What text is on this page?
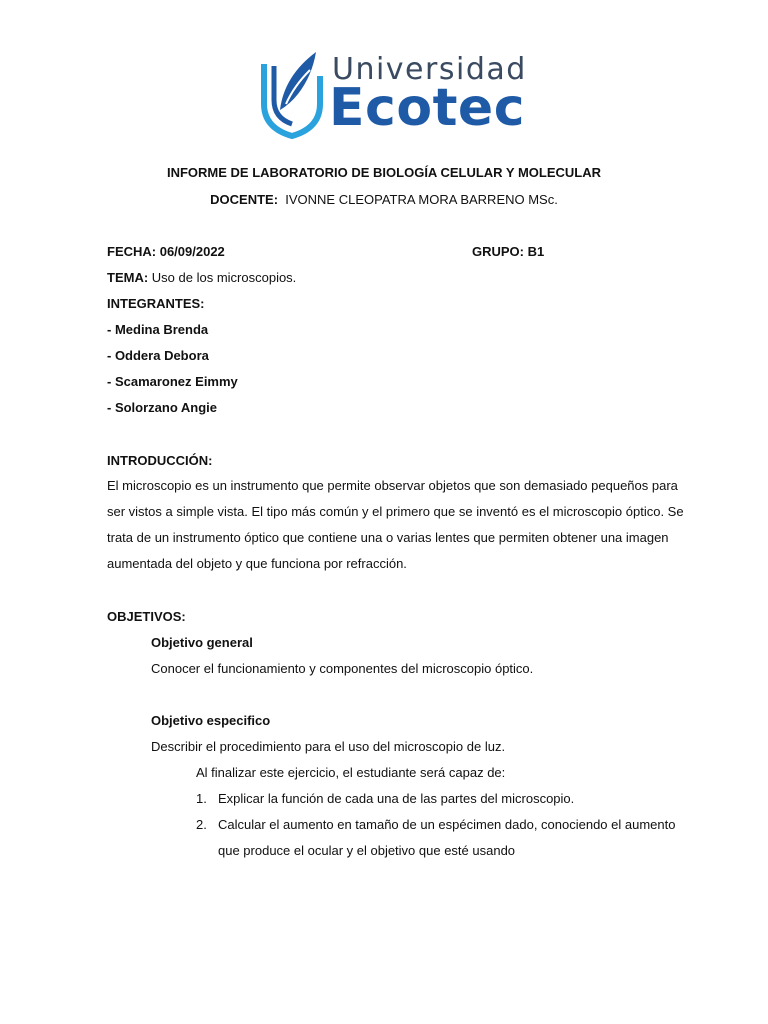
Universidad
Ecotec
INFORME DE LABORATORIO DE BIOLOGÍA CELULAR Y MOLECULAR
DOCENTE: IVONNE CLEOPATRA MORA BARRENO MSc.
FECHA: 06/09/2022	GRUPO: B1
TEMA: Uso de los microscopios.
INTEGRANTES:
- Medina Brenda
- Oddera Debora
- Scamaronez Eimmy
- Solorzano Angie
INTRODUCCIÓN:
El microscopio es un instrumento que permite observar objetos que son demasiado pequeños para
ser vistos a simple vista. El tipo más común y el primero que se inventó es el microscopio óptico. Se
trata de un instrumento óptico que contiene una o varias lentes que permiten obtener una imagen
aumentada del objeto y que funciona por refracción.
OBJETIVOS:
Objetivo general
Conocer el funcionamiento y componentes del microscopio óptico.
Objetivo especifico
Describir el procedimiento para el uso del microscopio de luz.
Al finalizar este ejercicio, el estudiante será capaz de:
1. Explicar la función de cada una de las partes del microscopio.
2. Calcular el aumento en tamaño de un espécimen dado, conociendo el aumento
que produce el ocular y el objetivo que esté usando
